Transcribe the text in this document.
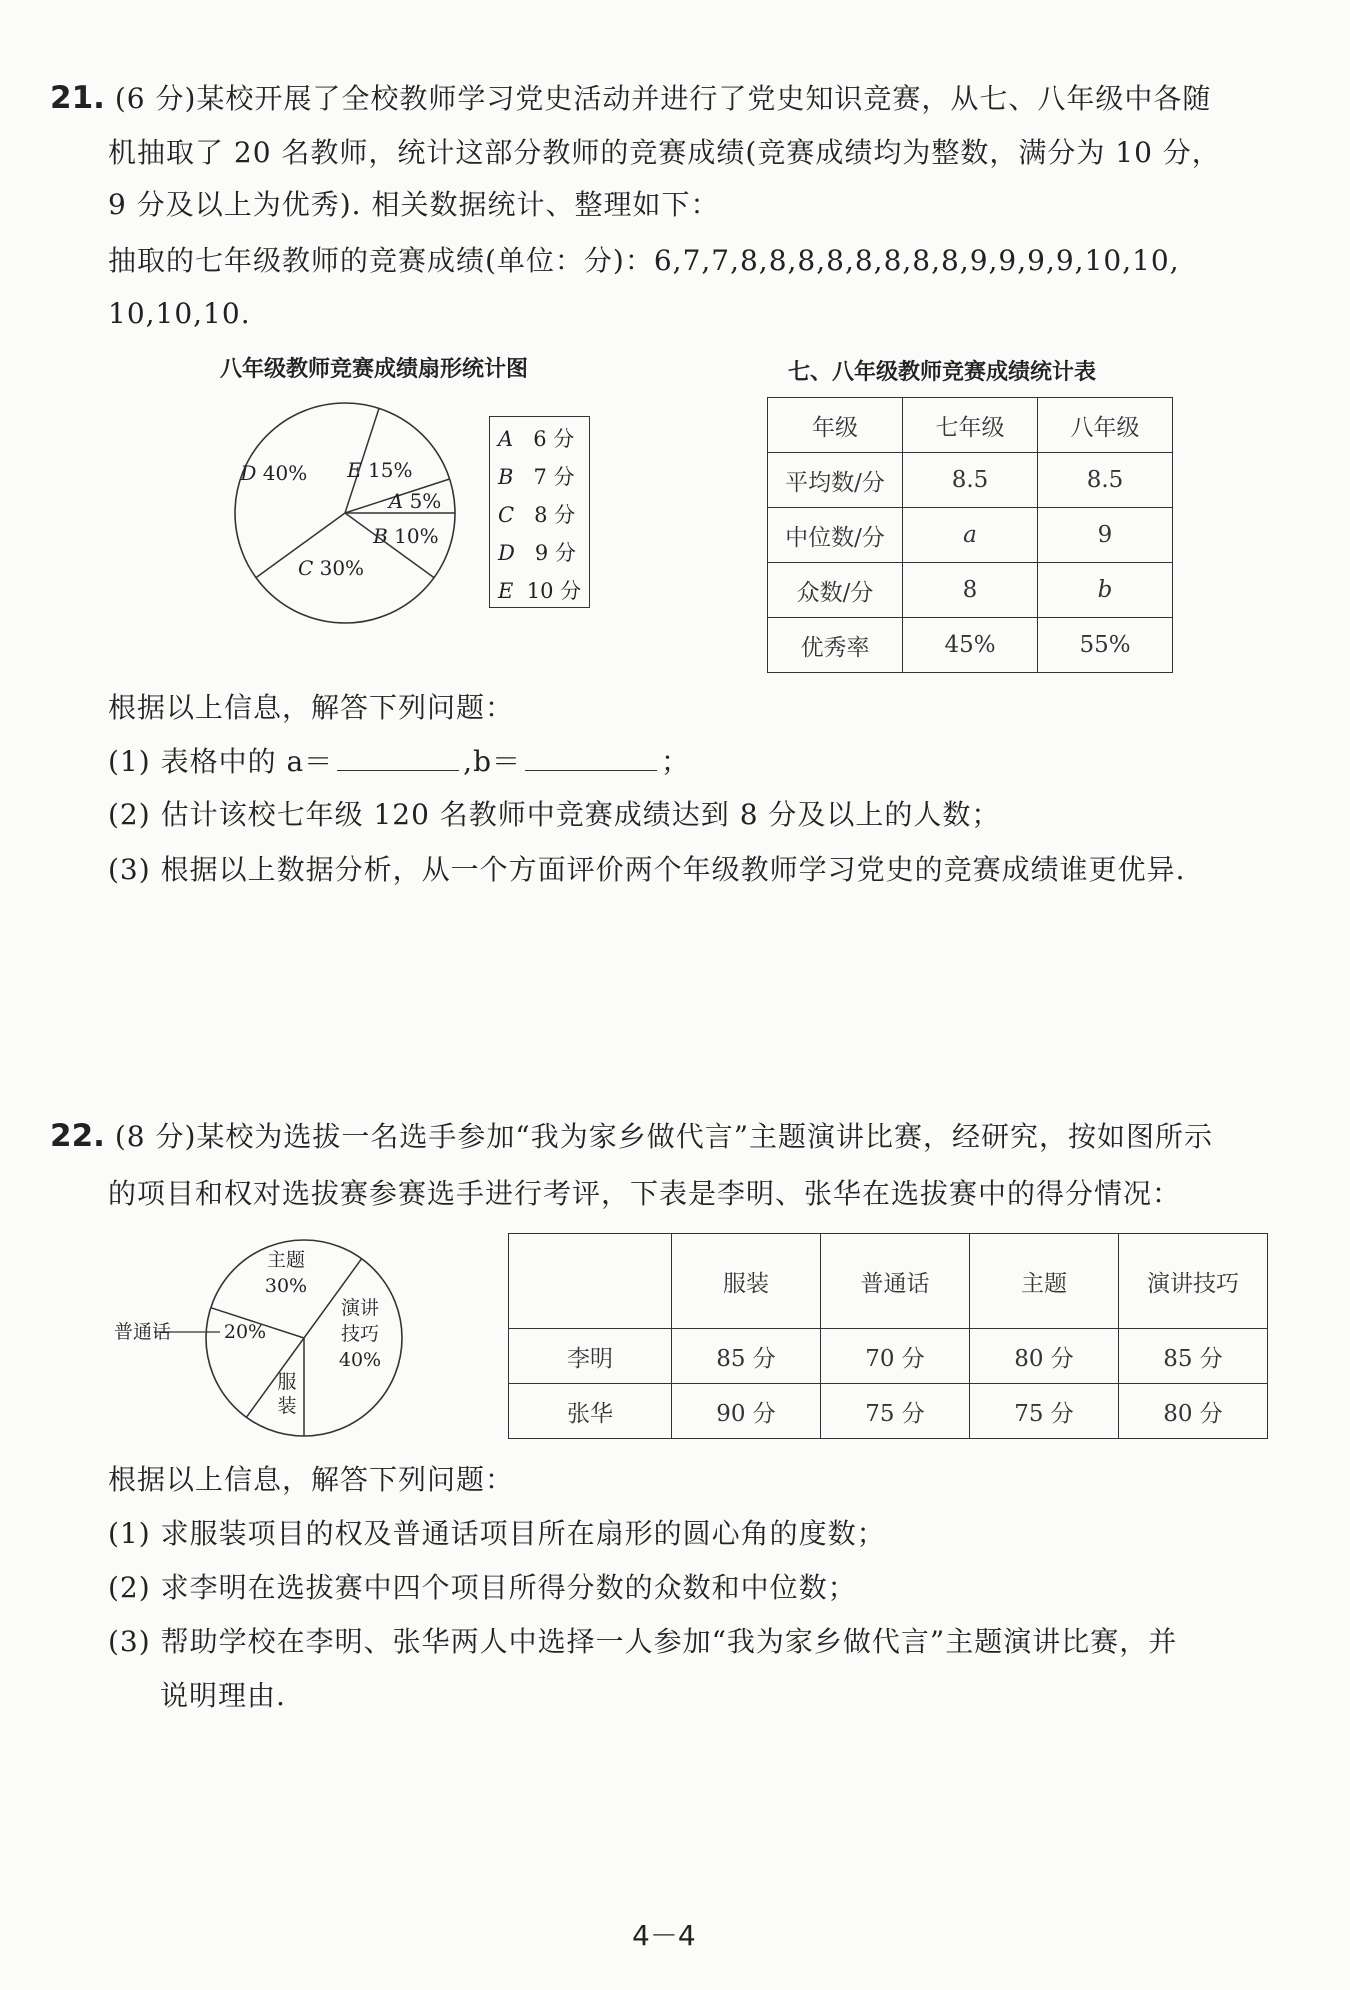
21. (6 分)某校开展了全校教师学习党史活动并进行了党史知识竞赛，从七、八年级中各随
机抽取了 20 名教师，统计这部分教师的竞赛成绩(竞赛成绩均为整数，满分为 10 分，
9 分及以上为优秀). 相关数据统计、整理如下：
抽取的七年级教师的竞赛成绩(单位：分)：6,7,7,8,8,8,8,8,8,8,8,9,9,9,9,10,10,
10,10,10.
八年级教师竞赛成绩扇形统计图	七、八年级教师竞赛成绩统计表
E 15%
A 5%
B 10%
C 30%
D 40%
A 6 分
B 7 分
C 8 分
D 9 分
E 10 分
年级	七年级	八年级
平均数/分	8.5	8.5
中位数/分	a	9
众数/分	8	b
优秀率	45%	55%
根据以上信息，解答下列问题：
(1) 表格中的 a＝	,b＝	；
(2) 估计该校七年级 120 名教师中竞赛成绩达到 8 分及以上的人数；
(3) 根据以上数据分析，从一个方面评价两个年级教师学习党史的竞赛成绩谁更优异.
22. (8 分)某校为选拔一名选手参加“我为家乡做代言”主题演讲比赛，经研究，按如图所示
的项目和权对选拔赛参赛选手进行考评，下表是李明、张华在选拔赛中的得分情况：
主题
30%
演讲
技巧
40%
服
装
20%
普通话
	服装	普通话	主题	演讲技巧
李明	85 分	70 分	80 分	85 分
张华	90 分	75 分	75 分	80 分
根据以上信息，解答下列问题：
(1) 求服装项目的权及普通话项目所在扇形的圆心角的度数；
(2) 求李明在选拔赛中四个项目所得分数的众数和中位数；
(3) 帮助学校在李明、张华两人中选择一人参加“我为家乡做代言”主题演讲比赛，并
说明理由.
4－4
